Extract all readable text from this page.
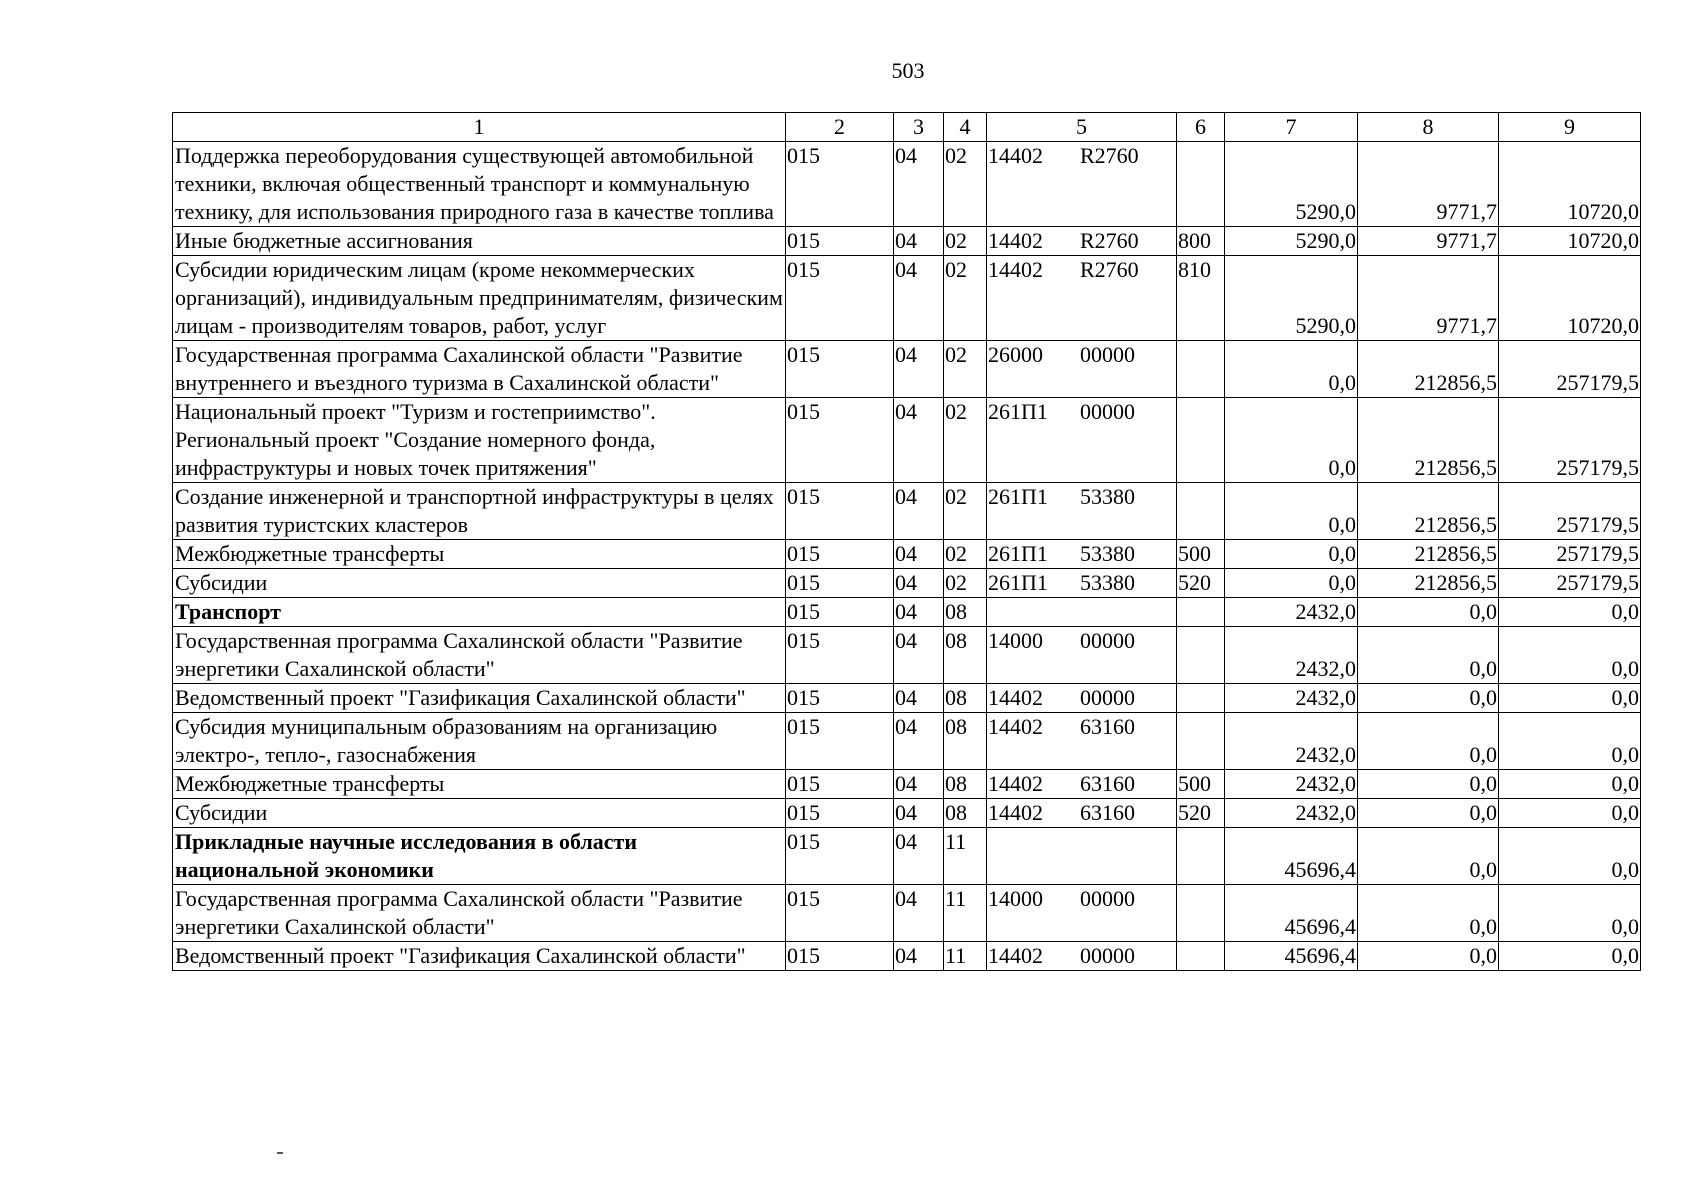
503
1	2	3	4	5	6	7	8	9
Поддержка переоборудования существующей автомобильной техники, включая общественный транспорт и коммунальную технику, для использования природного газа в качестве топлива	015	04	02	14402 R2760		5290,0	9771,7	10720,0
Иные бюджетные ассигнования	015	04	02	14402 R2760	800	5290,0	9771,7	10720,0
Субсидии юридическим лицам (кроме некоммерческих организаций), индивидуальным предпринимателям, физическим лицам - производителям товаров, работ, услуг	015	04	02	14402 R2760	810	5290,0	9771,7	10720,0
Государственная программа Сахалинской области "Развитие внутреннего и въездного туризма в Сахалинской области"	015	04	02	26000 00000		0,0	212856,5	257179,5
Национальный проект "Туризм и гостеприимство". Региональный проект "Создание номерного фонда, инфраструктуры и новых точек притяжения"	015	04	02	261П1 00000		0,0	212856,5	257179,5
Создание инженерной и транспортной инфраструктуры в целях развития туристских кластеров	015	04	02	261П1 53380		0,0	212856,5	257179,5
Межбюджетные трансферты	015	04	02	261П1 53380	500	0,0	212856,5	257179,5
Субсидии	015	04	02	261П1 53380	520	0,0	212856,5	257179,5
Транспорт	015	04	08			2432,0	0,0	0,0
Государственная программа Сахалинской области "Развитие энергетики Сахалинской области"	015	04	08	14000 00000		2432,0	0,0	0,0
Ведомственный проект "Газификация Сахалинской области"	015	04	08	14402 00000		2432,0	0,0	0,0
Субсидия муниципальным образованиям на организацию электро-, тепло-, газоснабжения	015	04	08	14402 63160		2432,0	0,0	0,0
Межбюджетные трансферты	015	04	08	14402 63160	500	2432,0	0,0	0,0
Субсидии	015	04	08	14402 63160	520	2432,0	0,0	0,0
Прикладные научные исследования в области национальной экономики	015	04	11			45696,4	0,0	0,0
Государственная программа Сахалинской области "Развитие энергетики Сахалинской области"	015	04	11	14000 00000		45696,4	0,0	0,0
Ведомственный проект "Газификация Сахалинской области"	015	04	11	14402 00000		45696,4	0,0	0,0
